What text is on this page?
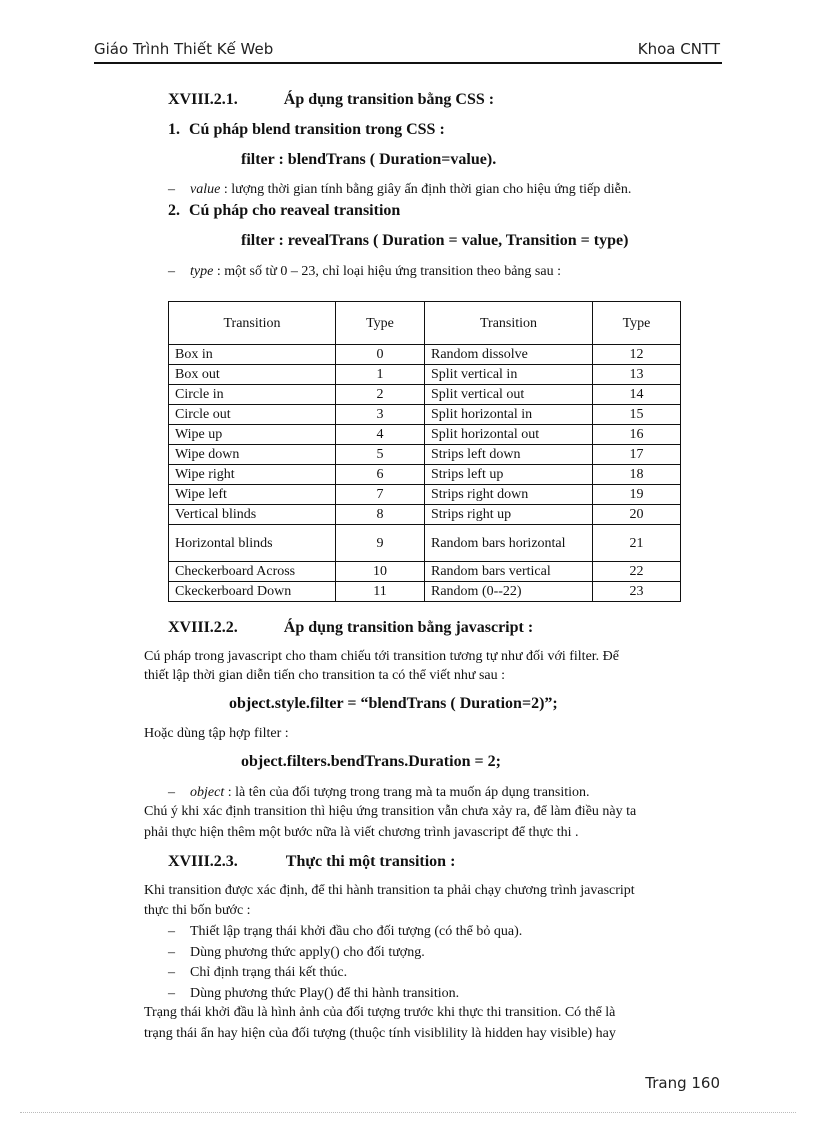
Giáo Trình Thiết Kế Web	Khoa CNTT
XVIII.2.1.	Áp dụng transition bằng CSS :
1. Cú pháp blend transition trong CSS :
filter : blendTrans ( Duration=value).
– value : lượng thời gian tính bằng giây ấn định thời gian cho hiệu ứng tiếp diễn.
2. Cú pháp cho reaveal transition
filter : revealTrans ( Duration = value, Transition = type)
– type : một số từ 0 – 23, chỉ loại hiệu ứng transition theo bảng sau :
Transition	Type	Transition	Type
Box in	0	Random dissolve	12
Box out	1	Split vertical in	13
Circle in	2	Split vertical out	14
Circle out	3	Split horizontal in	15
Wipe up	4	Split horizontal out	16
Wipe down	5	Strips left down	17
Wipe right	6	Strips left up	18
Wipe left	7	Strips right down	19
Vertical blinds	8	Strips right up	20
Horizontal blinds	9	Random bars horizontal	21
Checkerboard Across	10	Random bars vertical	22
Ckeckerboard Down	11	Random (0--22)	23
XVIII.2.2.	Áp dụng transition bằng javascript :
Cú pháp trong javascript cho tham chiếu tới transition tương tự như đối với filter. Để
thiết lập thời gian diễn tiến cho transition ta có thể viết như sau :
object.style.filter = “blendTrans ( Duration=2)”;
Hoặc dùng tập hợp filter :
object.filters.bendTrans.Duration = 2;
– object : là tên của đối tượng trong trang mà ta muốn áp dụng transition.
Chú ý khi xác định transition thì hiệu ứng transition vẫn chưa xảy ra, để làm điều này ta
phải thực hiện thêm một bước nữa là viết chương trình javascript để thực thi .
XVIII.2.3.	Thực thi một transition :
Khi transition được xác định, để thi hành transition ta phải chạy chương trình javascript
thực thi bốn bước :
– Thiết lập trạng thái khởi đầu cho đối tượng (có thể bỏ qua).
– Dùng phương thức apply() cho đối tượng.
– Chỉ định trạng thái kết thúc.
– Dùng phương thức Play() để thi hành transition.
Trạng thái khởi đầu là hình ảnh của đối tượng trước khi thực thi transition. Có thể là
trạng thái ẩn hay hiện của đối tượng (thuộc tính visiblility là hidden hay visible) hay
Trang 160
